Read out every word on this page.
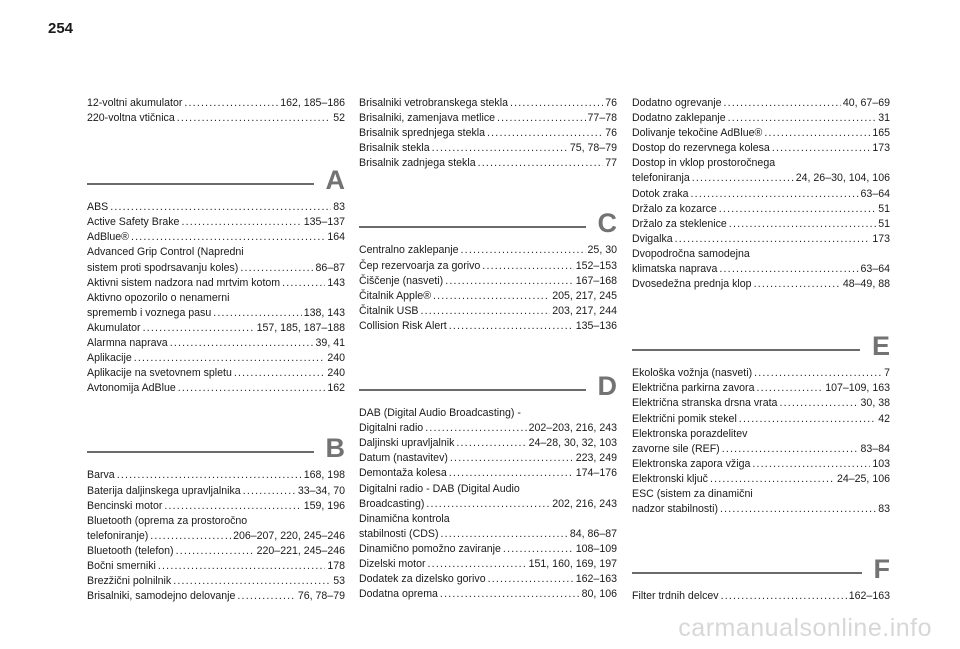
254
12-voltni akumulator .....	162, 185–186
220-voltna vtičnica .....	52
A
ABS .....	83
Active Safety Brake .....	135–137
AdBlue® .....	164
Advanced Grip Control (Napredni
sistem proti spodrsavanju koles) .....	86–87
Aktivni sistem nadzora nad mrtvim kotom .....	143
Aktivno opozorilo o nenamerni
sprememb i voznega pasu .....	138, 143
Akumulator .....	157, 185, 187–188
Alarmna naprava .....	39, 41
Aplikacije .....	240
Aplikacije na svetovnem spletu .....	240
Avtonomija AdBlue .....	162
B
Barva .....	168, 198
Baterija daljinskega upravljalnika .....	33–34, 70
Bencinski motor .....	159, 196
Bluetooth (oprema za prostoročno
telefoniranje) .....	206–207, 220, 245–246
Bluetooth (telefon) .....	220–221, 245–246
Bočni smerniki .....	178
Brezžični polnilnik .....	53
Brisalniki, samodejno delovanje .....	76, 78–79
Brisalniki vetrobranskega stekla .....	76
Brisalniki, zamenjava metlice .....	77–78
Brisalnik sprednjega stekla .....	76
Brisalnik stekla .....	75, 78–79
Brisalnik zadnjega stekla .....	77
C
Centralno zaklepanje .....	25, 30
Čep rezervoarja za gorivo .....	152–153
Čiščenje (nasveti) .....	167–168
Čitalnik Apple® .....	205, 217, 245
Čitalnik USB .....	203, 217, 244
Collision Risk Alert .....	135–136
D
DAB (Digital Audio Broadcasting) -
Digitalni radio .....	202–203, 216, 243
Daljinski upravljalnik .....	24–28, 30, 32, 103
Datum (nastavitev) .....	223, 249
Demontaža kolesa .....	174–176
Digitalni radio - DAB (Digital Audio
Broadcasting) .....	202, 216, 243
Dinamična kontrola
stabilnosti (CDS) .....	84, 86–87
Dinamično pomožno zaviranje .....	108–109
Dizelski motor .....	151, 160, 169, 197
Dodatek za dizelsko gorivo .....	162–163
Dodatna oprema .....	80, 106
Dodatno ogrevanje .....	40, 67–69
Dodatno zaklepanje .....	31
Dolivanje tekočine AdBlue® .....	165
Dostop do rezervnega kolesa .....	173
Dostop in vklop prostoročnega
telefoniranja .....	24, 26–30, 104, 106
Dotok zraka .....	63–64
Držalo za kozarce .....	51
Držalo za steklenice .....	51
Dvigalka .....	173
Dvopodročna samodejna
klimatska naprava .....	63–64
Dvosedežna prednja klop .....	48–49, 88
E
Ekološka vožnja (nasveti) .....	7
Električna parkirna zavora .....	107–109, 163
Električna stranska drsna vrata .....	30, 38
Električni pomik stekel .....	42
Elektronska porazdelitev
zavorne sile (REF) .....	83–84
Elektronska zapora vžiga .....	103
Elektronski ključ .....	24–25, 106
ESC (sistem za dinamični
nadzor stabilnosti) .....	83
F
Filter trdnih delcev .....	162–163
carmanualsonline.info
